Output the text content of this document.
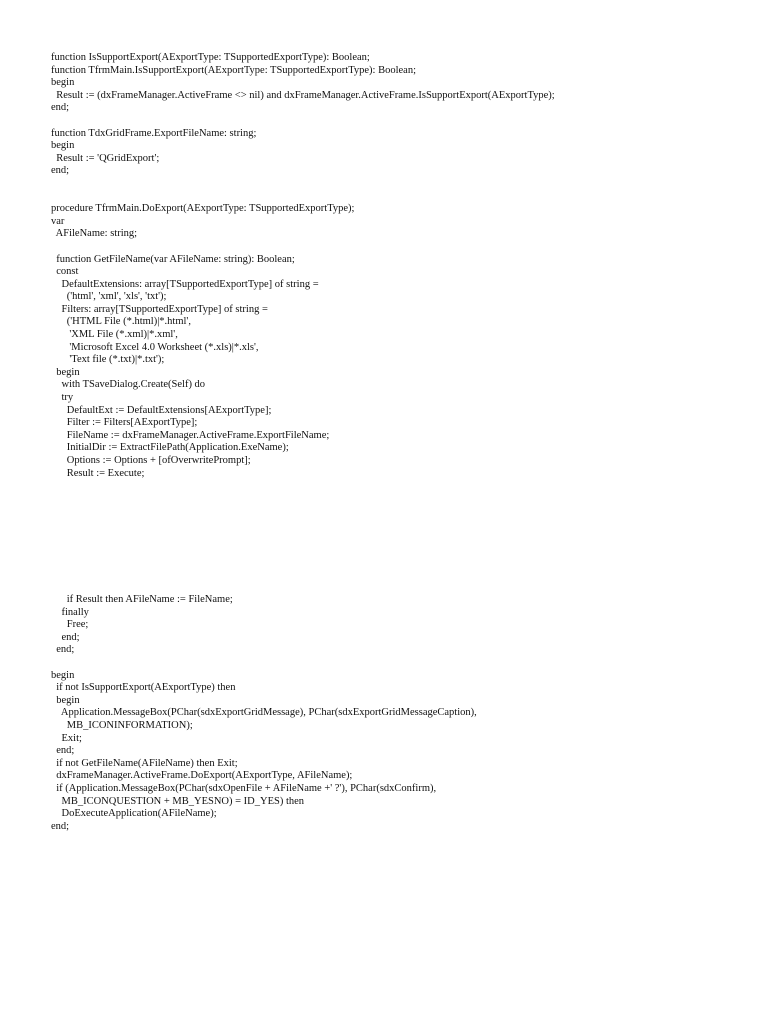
function IsSupportExport(AExportType: TSupportedExportType): Boolean;
function TfrmMain.IsSupportExport(AExportType: TSupportedExportType): Boolean;
begin
Result := (dxFrameManager.ActiveFrame <> nil) and dxFrameManager.ActiveFrame.IsSupportExport(AExportType);
end;

function TdxGridFrame.ExportFileName: string;
begin
Result := 'QGridExport';
end;

procedure TfrmMain.DoExport(AExportType: TSupportedExportType);
var
AFileName: string;

function GetFileName(var AFileName: string): Boolean;
const
DefaultExtensions: array[TSupportedExportType] of string =
('html', 'xml', 'xls', 'txt');
Filters: array[TSupportedExportType] of string =
('HTML File (*.html)|*.html',
'XML File (*.xml)|*.xml',
'Microsoft Excel 4.0 Worksheet (*.xls)|*.xls',
'Text file (*.txt)|*.txt');
begin
with TSaveDialog.Create(Self) do
try
DefaultExt := DefaultExtensions[AExportType];
Filter := Filters[AExportType];
FileName := dxFrameManager.ActiveFrame.ExportFileName;
InitialDir := ExtractFilePath(Application.ExeName);
Options := Options + [ofOverwritePrompt];
Result := Execute;
if Result then AFileName := FileName;
finally
Free;
end;
end;

begin
if not IsSupportExport(AExportType) then
begin
Application.MessageBox(PChar(sdxExportGridMessage), PChar(sdxExportGridMessageCaption),
MB_ICONINFORMATION);
Exit;
end;
if not GetFileName(AFileName) then Exit;
dxFrameManager.ActiveFrame.DoExport(AExportType, AFileName);
if (Application.MessageBox(PChar(sdxOpenFile + AFileName +' ?'), PChar(sdxConfirm),
MB_ICONQUESTION + MB_YESNO) = ID_YES) then
DoExecuteApplication(AFileName);
end;
